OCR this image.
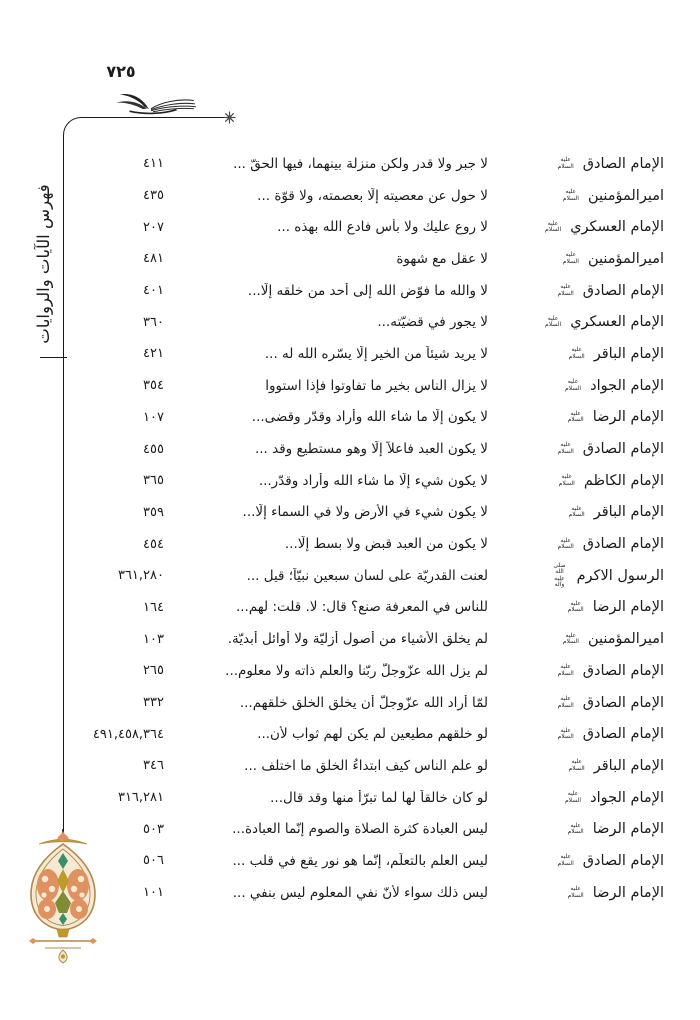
٧٢٥
فهرس الآيات والروايات
الإمام الصادق عليه السلام
لا جبر ولا قدر ولكن منزلة بينهما، فيها الحقّ ...
٤١١
اميرالمؤمنين عليه السلام
لا حول عن معصيته إلّا بعصمته، ولا قوّة ...
٤٣٥
الإمام العسكري عليه السلام
لا روع عليك ولا بأس فادع الله بهذه ...
٢٠٧
اميرالمؤمنين عليه السلام
لا عقل مع شهوة
٤٨١
الإمام الصادق عليه السلام
لا والله ما فوّض الله إلى أحد من خلقه إلّا...
٤٠١
الإمام العسكري عليه السلام
لا يجور في قضيّته...
٣٦٠
الإمام الباقر عليه السلام
لا يريد شيئاً من الخير إلّا يسّره الله له ...
٤٢١
الإمام الجواد عليه السلام
لا يزال الناس بخير ما تفاوتوا فإذا استووا
٣٥٤
الإمام الرضا عليه السلام
لا يكون إلّا ما شاء الله وأراد وقدّر وقضى...
١٠٧
الإمام الصادق عليه السلام
لا يكون العبد فاعلاً إلّا وهو مستطيع وقد ...
٤٥٥
الإمام الكاظم عليه السلام
لا يكون شيء إلّا ما شاء الله وأراد وقدّر...
٣٦٥
الإمام الباقر عليه السلام
لا يكون شيء في الأرض ولا في السماء إلّا...
٣٥٩
الإمام الصادق عليه السلام
لا يكون من العبد قبض ولا بسط إلّا...
٤٥٤
الرسول الاكرم صلى الله عليه وآله
لعنت القدريّة على لسان سبعين نبيّاً؛ قيل ...
٣٦١,٢٨٠
الإمام الرضا عليه السلام
للناس في المعرفة صنع؟ قال: لا. قلت: لهم...
١٦٤
اميرالمؤمنين عليه السلام
لم يخلق الأشياء من أصول أزليّة ولا أوائل أبديّة.
١٠٣
الإمام الصادق عليه السلام
لم يزل الله عزّوجلّ ربّنا والعلم ذاته ولا معلوم...
٢٦٥
الإمام الصادق عليه السلام
لمّا أراد الله عزّوجلّ أن يخلق الخلق خلقهم...
٣٣٢
الإمام الصادق عليه السلام
لو خلقهم مطيعين لم يكن لهم ثواب لأن...
٤٩١,٤٥٨,٣٦٤
الإمام الباقر عليه السلام
لو علم الناس كيف ابتداءُ الخلق ما اختلف ...
٣٤٦
الإمام الجواد عليه السلام
لو كان خالقاً لها لما تبرّأ منها وقد قال...
٣١٦,٢٨١
الإمام الرضا عليه السلام
ليس العبادة كثرة الصلاة والصوم إنّما العبادة...
٥٠٣
الإمام الصادق عليه السلام
ليس العلم بالتعلّم، إنّما هو نور يقع في قلب ...
٥٠٦
الإمام الرضا عليه السلام
ليس ذلك سواء لأنّ نفي المعلوم ليس بنفي ...
١٠١
